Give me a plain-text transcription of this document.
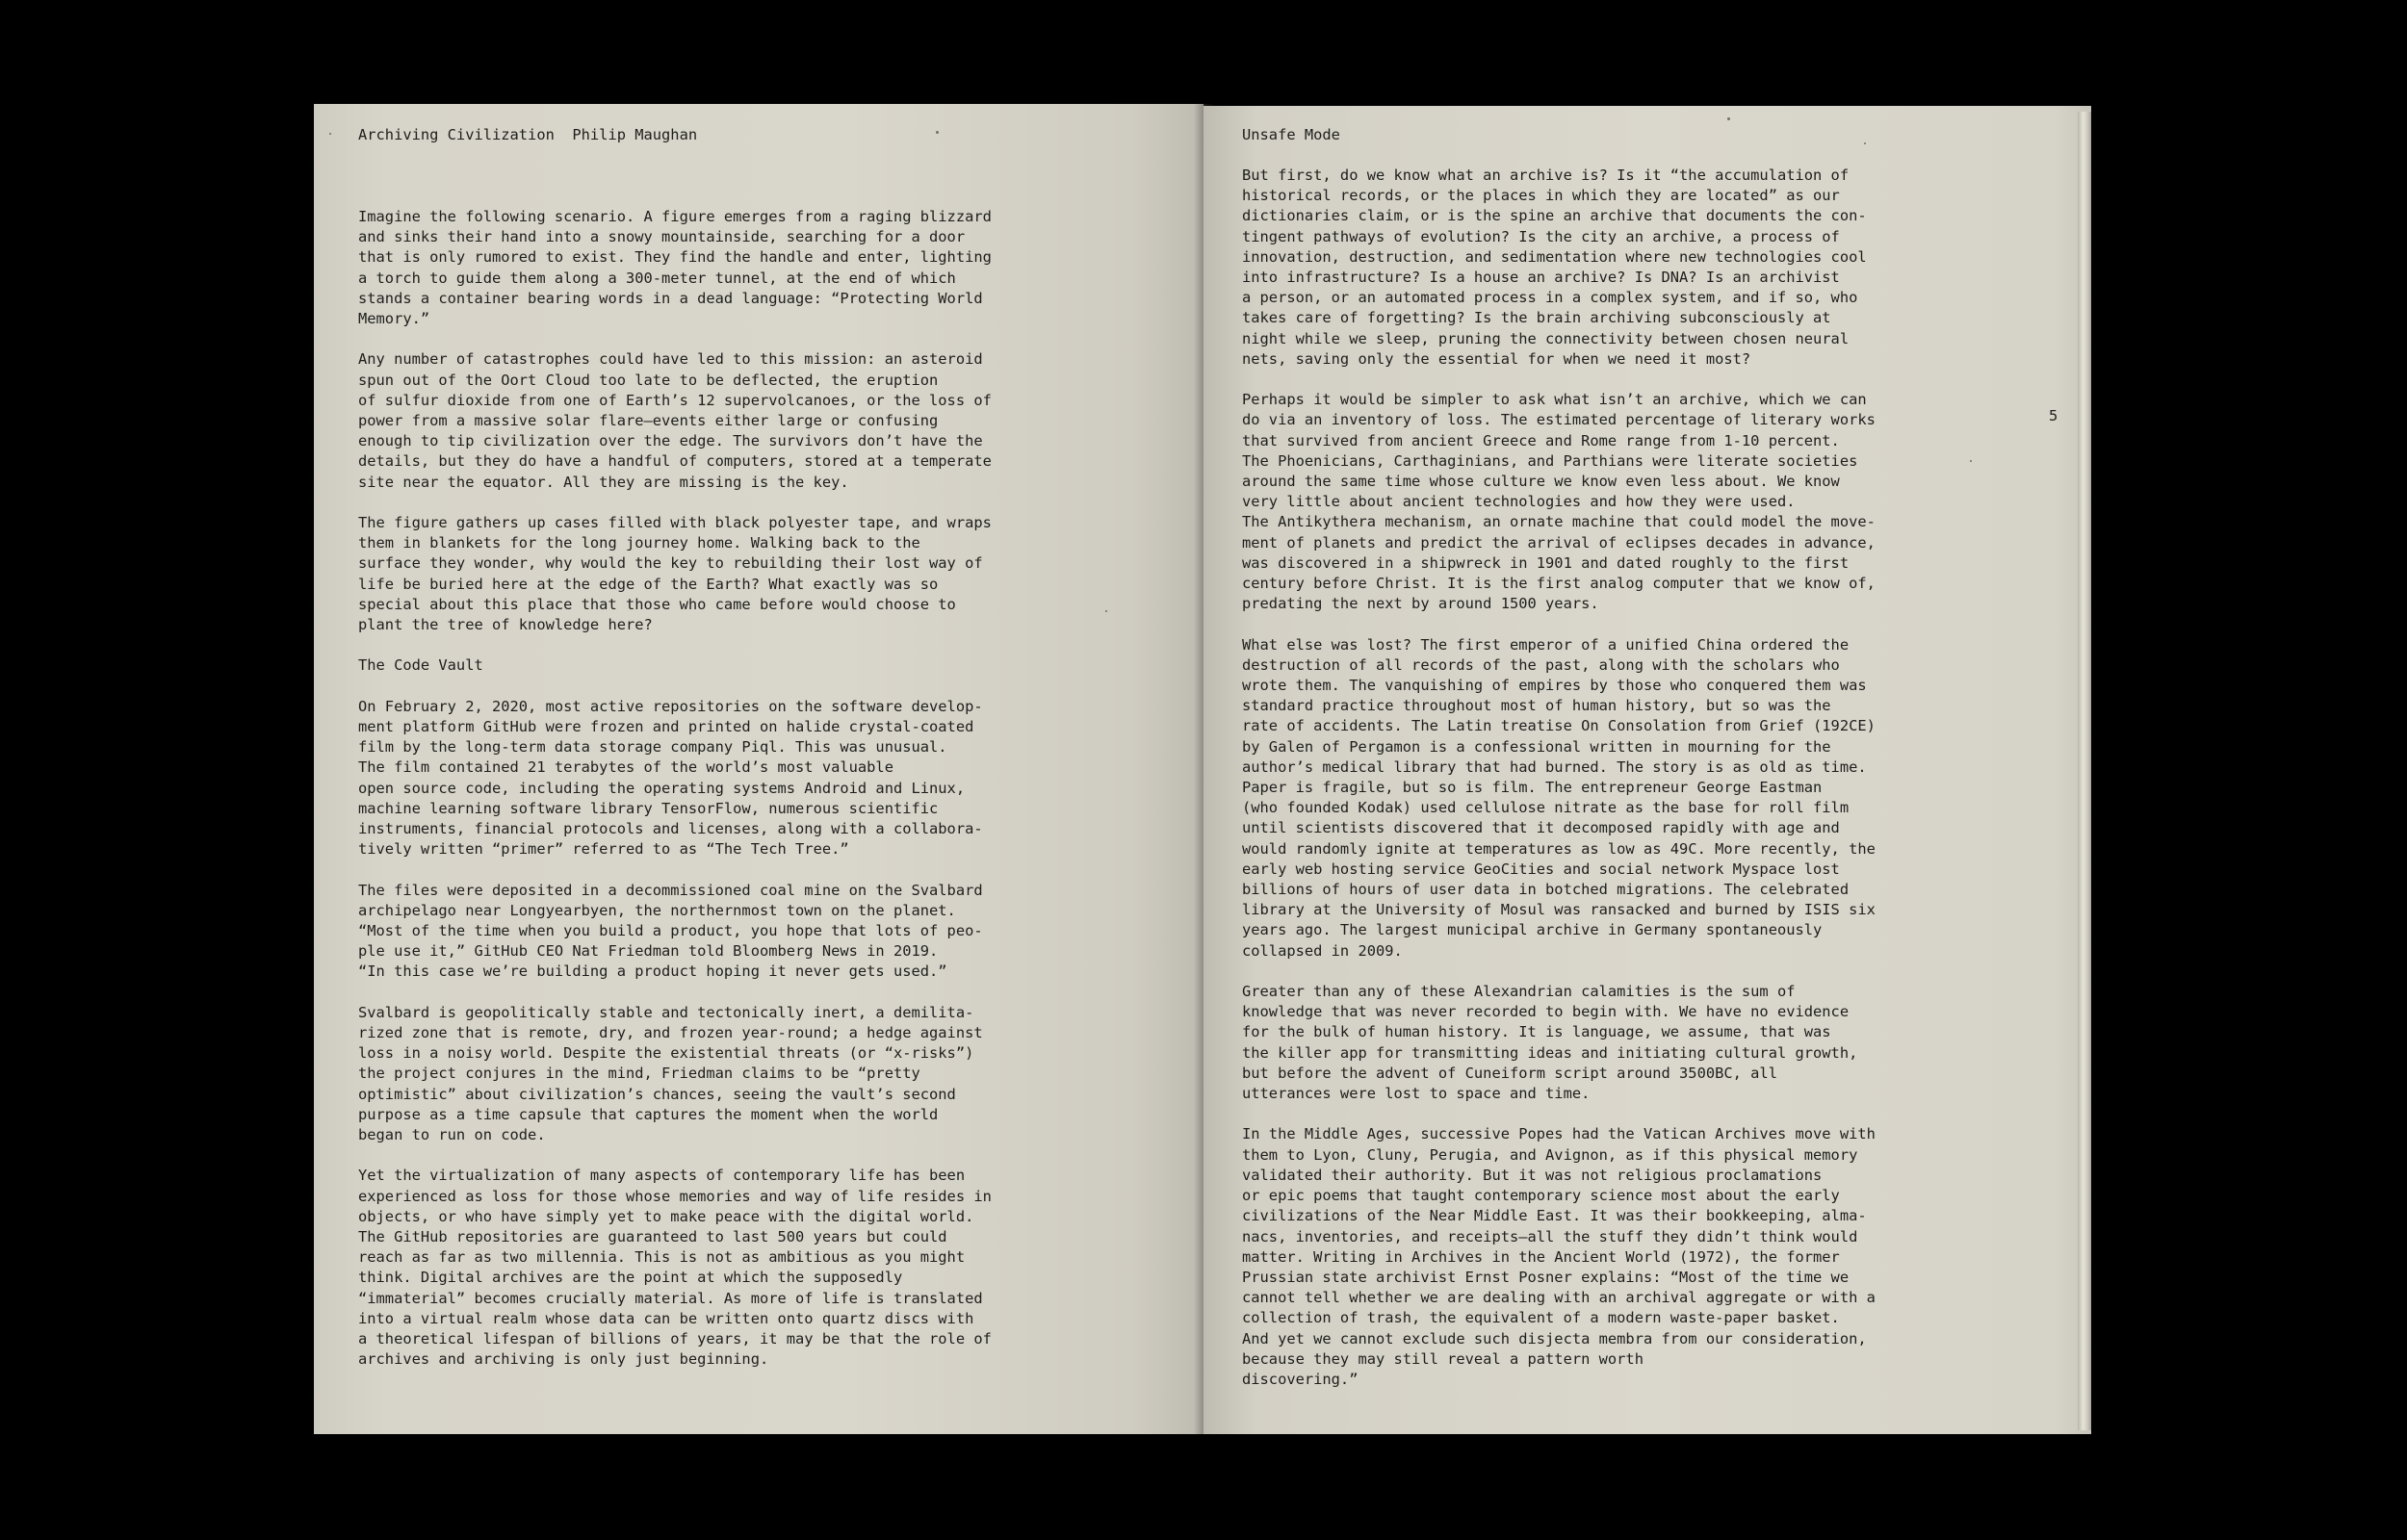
Archiving Civilization  Philip Maughan

Imagine the following scenario. A figure emerges from a raging blizzard
and sinks their hand into a snowy mountainside, searching for a door
that is only rumored to exist. They find the handle and enter, lighting
a torch to guide them along a 300-meter tunnel, at the end of which
stands a container bearing words in a dead language: “Protecting World
Memory.”

Any number of catastrophes could have led to this mission: an asteroid
spun out of the Oort Cloud too late to be deflected, the eruption
of sulfur dioxide from one of Earth’s 12 supervolcanoes, or the loss of
power from a massive solar flare—events either large or confusing
enough to tip civilization over the edge. The survivors don’t have the
details, but they do have a handful of computers, stored at a temperate
site near the equator. All they are missing is the key.

The figure gathers up cases filled with black polyester tape, and wraps
them in blankets for the long journey home. Walking back to the
surface they wonder, why would the key to rebuilding their lost way of
life be buried here at the edge of the Earth? What exactly was so
special about this place that those who came before would choose to
plant the tree of knowledge here?

The Code Vault

On February 2, 2020, most active repositories on the software develop-
ment platform GitHub were frozen and printed on halide crystal-coated
film by the long-term data storage company Piql. This was unusual.
The film contained 21 terabytes of the world’s most valuable
open source code, including the operating systems Android and Linux,
machine learning software library TensorFlow, numerous scientific
instruments, financial protocols and licenses, along with a collabora-
tively written “primer” referred to as “The Tech Tree.”

The files were deposited in a decommissioned coal mine on the Svalbard
archipelago near Longyearbyen, the northernmost town on the planet.
“Most of the time when you build a product, you hope that lots of peo-
ple use it,” GitHub CEO Nat Friedman told Bloomberg News in 2019.
“In this case we’re building a product hoping it never gets used.”

Svalbard is geopolitically stable and tectonically inert, a demilita-
rized zone that is remote, dry, and frozen year-round; a hedge against
loss in a noisy world. Despite the existential threats (or “x-risks”)
the project conjures in the mind, Friedman claims to be “pretty
optimistic” about civilization’s chances, seeing the vault’s second
purpose as a time capsule that captures the moment when the world
began to run on code.

Yet the virtualization of many aspects of contemporary life has been
experienced as loss for those whose memories and way of life resides in
objects, or who have simply yet to make peace with the digital world.
The GitHub repositories are guaranteed to last 500 years but could
reach as far as two millennia. This is not as ambitious as you might
think. Digital archives are the point at which the supposedly
“immaterial” becomes crucially material. As more of life is translated
into a virtual realm whose data can be written onto quartz discs with
a theoretical lifespan of billions of years, it may be that the role of
archives and archiving is only just beginning.

Unsafe Mode

But first, do we know what an archive is? Is it “the accumulation of
historical records, or the places in which they are located” as our
dictionaries claim, or is the spine an archive that documents the con-
tingent pathways of evolution? Is the city an archive, a process of
innovation, destruction, and sedimentation where new technologies cool
into infrastructure? Is a house an archive? Is DNA? Is an archivist
a person, or an automated process in a complex system, and if so, who
takes care of forgetting? Is the brain archiving subconsciously at
night while we sleep, pruning the connectivity between chosen neural
nets, saving only the essential for when we need it most?

Perhaps it would be simpler to ask what isn’t an archive, which we can
do via an inventory of loss. The estimated percentage of literary works
that survived from ancient Greece and Rome range from 1-10 percent.
The Phoenicians, Carthaginians, and Parthians were literate societies
around the same time whose culture we know even less about. We know
very little about ancient technologies and how they were used.
The Antikythera mechanism, an ornate machine that could model the move-
ment of planets and predict the arrival of eclipses decades in advance,
was discovered in a shipwreck in 1901 and dated roughly to the first
century before Christ. It is the first analog computer that we know of,
predating the next by around 1500 years.

What else was lost? The first emperor of a unified China ordered the
destruction of all records of the past, along with the scholars who
wrote them. The vanquishing of empires by those who conquered them was
standard practice throughout most of human history, but so was the
rate of accidents. The Latin treatise On Consolation from Grief (192CE)
by Galen of Pergamon is a confessional written in mourning for the
author’s medical library that had burned. The story is as old as time.
Paper is fragile, but so is film. The entrepreneur George Eastman
(who founded Kodak) used cellulose nitrate as the base for roll film
until scientists discovered that it decomposed rapidly with age and
would randomly ignite at temperatures as low as 49C. More recently, the
early web hosting service GeoCities and social network Myspace lost
billions of hours of user data in botched migrations. The celebrated
library at the University of Mosul was ransacked and burned by ISIS six
years ago. The largest municipal archive in Germany spontaneously
collapsed in 2009.

Greater than any of these Alexandrian calamities is the sum of
knowledge that was never recorded to begin with. We have no evidence
for the bulk of human history. It is language, we assume, that was
the killer app for transmitting ideas and initiating cultural growth,
but before the advent of Cuneiform script around 3500BC, all
utterances were lost to space and time.

In the Middle Ages, successive Popes had the Vatican Archives move with
them to Lyon, Cluny, Perugia, and Avignon, as if this physical memory
validated their authority. But it was not religious proclamations
or epic poems that taught contemporary science most about the early
civilizations of the Near Middle East. It was their bookkeeping, alma-
nacs, inventories, and receipts—all the stuff they didn’t think would
matter. Writing in Archives in the Ancient World (1972), the former
Prussian state archivist Ernst Posner explains: “Most of the time we
cannot tell whether we are dealing with an archival aggregate or with a
collection of trash, the equivalent of a modern waste-paper basket.
And yet we cannot exclude such disjecta membra from our consideration,
because they may still reveal a pattern worth
discovering.”

5
